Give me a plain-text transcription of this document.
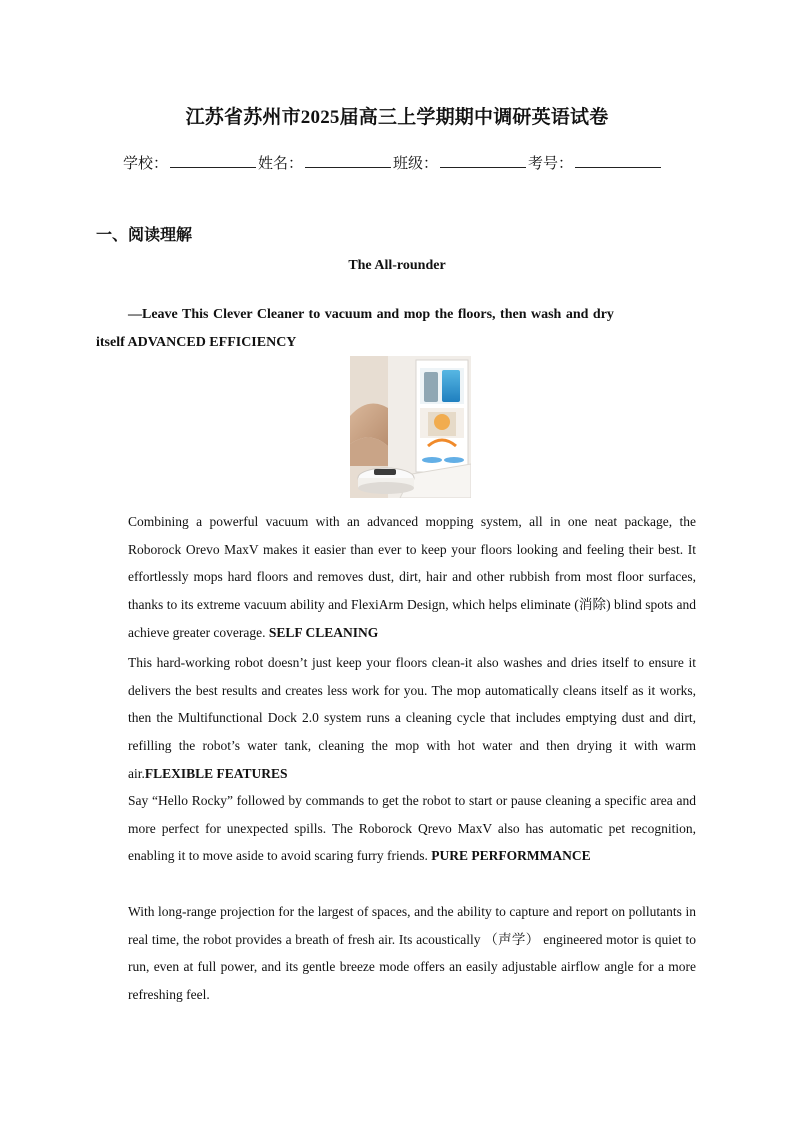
江苏省苏州市2025届高三上学期期中调研英语试卷
学校：	姓名：	班级：	考号：
一、阅读理解
The All-rounder
—Leave This Clever Cleaner to vacuum and mop the floors, then wash and dry
itself ADVANCED EFFICIENCY

Combining a powerful vacuum with an advanced mopping system, all in one neat package, the Roborock Orevo MaxV makes it easier than ever to keep your floors looking and feeling their best. It effortlessly mops hard floors and removes dust, dirt, hair and other rubbish from most floor surfaces, thanks to its extreme vacuum ability and FlexiArm Design, which helps eliminate (消除) blind spots and achieve greater coverage. SELF CLEANING

This hard-working robot doesn’t just keep your floors clean-it also washes and dries itself to ensure it delivers the best results and creates less work for you. The mop automatically cleans itself as it works, then the Multifunctional Dock 2.0 system runs a cleaning cycle that includes emptying dust and dirt, refilling the robot’s water tank, cleaning the mop with hot water and then drying it with warm air.FLEXIBLE FEATURES

Say “Hello Rocky” followed by commands to get the robot to start or pause cleaning a specific area and more perfect for unexpected spills. The Roborock Qrevo MaxV also has automatic pet recognition, enabling it to move aside to avoid scaring furry friends. PURE PERFORMMANCE

With long-range projection for the largest of spaces, and the ability to capture and report on pollutants in real time, the robot provides a breath of fresh air. Its acoustically （声学） engineered motor is quiet to run, even at full power, and its gentle breeze mode offers an easily adjustable airflow angle for a more refreshing feel.
